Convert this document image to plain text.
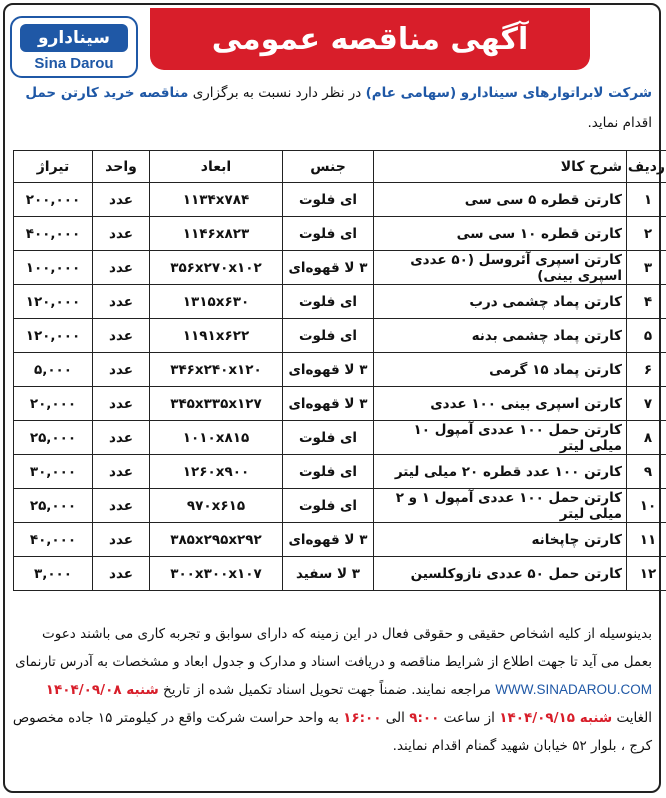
آگهی مناقصه عمومی
سینادارو
Sina Darou
شرکت لابراتوارهای سینادارو (سهامی عام) در نظر دارد نسبت به برگزاری مناقصه خرید کارتن حمل اقدام نماید.
ردیف	شرح کالا	جنس	ابعاد	واحد	تیراژ
۱	کارتن قطره ۵ سی سی	ای فلوت	۱۱۳۴x۷۸۴	عدد	۲۰۰,۰۰۰
۲	کارتن قطره ۱۰ سی سی	ای فلوت	۱۱۴۶x۸۲۳	عدد	۴۰۰,۰۰۰
۳	کارتن اسپری آئروسل (۵۰ عددی اسپری بینی)	۳ لا قهوه‌ای	۳۵۶x۲۷۰x۱۰۲	عدد	۱۰۰,۰۰۰
۴	کارتن پماد چشمی درب	ای فلوت	۱۳۱۵x۶۳۰	عدد	۱۲۰,۰۰۰
۵	کارتن پماد چشمی بدنه	ای فلوت	۱۱۹۱x۶۲۲	عدد	۱۲۰,۰۰۰
۶	کارتن پماد ۱۵ گرمی	۳ لا قهوه‌ای	۳۴۶x۲۴۰x۱۲۰	عدد	۵,۰۰۰
۷	کارتن اسپری بینی ۱۰۰ عددی	۳ لا قهوه‌ای	۳۴۵x۳۳۵x۱۲۷	عدد	۲۰,۰۰۰
۸	کارتن حمل ۱۰۰ عددی آمپول ۱۰ میلی لیتر	ای فلوت	۱۰۱۰x۸۱۵	عدد	۲۵,۰۰۰
۹	کارتن ۱۰۰ عدد قطره ۲۰ میلی لیتر	ای فلوت	۱۲۶۰x۹۰۰	عدد	۳۰,۰۰۰
۱۰	کارتن حمل ۱۰۰ عددی آمپول ۱ و ۲ میلی لیتر	ای فلوت	۹۷۰x۶۱۵	عدد	۲۵,۰۰۰
۱۱	کارتن چاپخانه	۳ لا قهوه‌ای	۳۸۵x۲۹۵x۲۹۲	عدد	۴۰,۰۰۰
۱۲	کارتن حمل ۵۰ عددی نازوکلسین	۳ لا سفید	۳۰۰x۳۰۰x۱۰۷	عدد	۳,۰۰۰
بدینوسیله از کلیه اشخاص حقیقی و حقوقی فعال در این زمینه که دارای سوابق و تجربه کاری می باشند دعوت بعمل می آید تا جهت اطلاع از شرایط مناقصه و دریافت اسناد و مدارک و جدول ابعاد و مشخصات به آدرس تارنمای WWW.SINADAROU.COM مراجعه نمایند. ضمناً جهت تحویل اسناد تکمیل شده از تاریخ شنبه ۱۴۰۴/۰۹/۰۸ الغایت شنبه ۱۴۰۴/۰۹/۱۵ از ساعت ۹:۰۰ الی ۱۶:۰۰ به واحد حراست شرکت واقع در کیلومتر ۱۵ جاده مخصوص کرج ، بلوار ۵۲ خیابان شهید گمنام اقدام نمایند.
